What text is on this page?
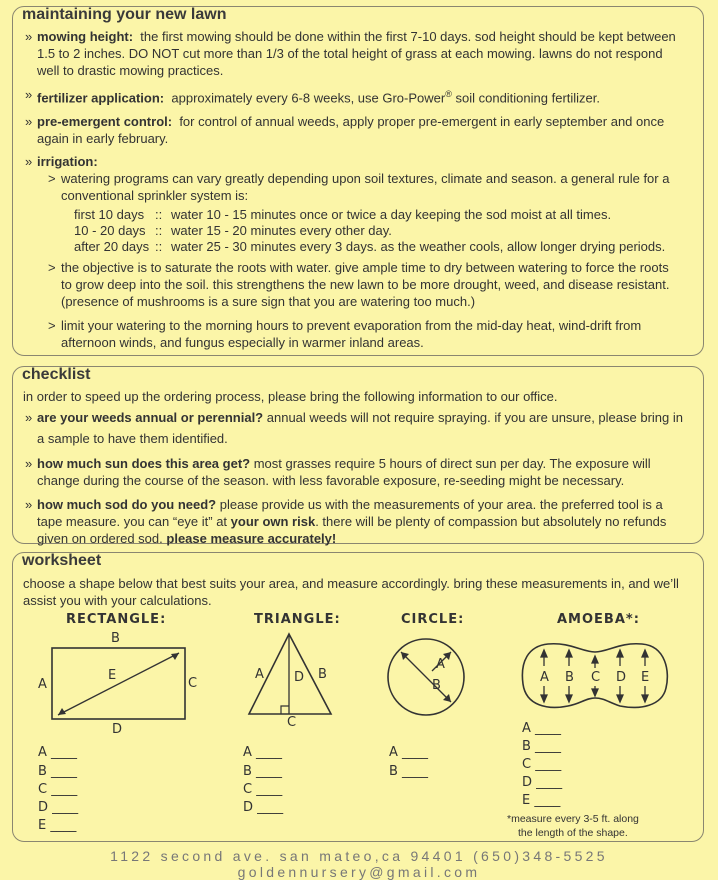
maintaining your new lawn
» mowing height: the first mowing should be done within the first 7-10 days. sod height should be kept between
1.5 to 2 inches. DO NOT cut more than 1/3 of the total height of grass at each mowing. lawns do not respond
well to drastic mowing practices.
» fertilizer application: approximately every 6-8 weeks, use Gro-Power® soil conditioning fertilizer.
» pre-emergent control: for control of annual weeds, apply proper pre-emergent in early september and once
again in early february.
» irrigation:
> watering programs can vary greatly depending upon soil textures, climate and season. a general rule for a
conventional sprinkler system is:
first 10 days :: water 10 - 15 minutes once or twice a day keeping the sod moist at all times.
10 - 20 days :: water 15 - 20 minutes every other day.
after 20 days :: water 25 - 30 minutes every 3 days. as the weather cools, allow longer drying periods.
> the objective is to saturate the roots with water. give ample time to dry between watering to force the roots
to grow deep into the soil. this strengthens the new lawn to be more drought, weed, and disease resistant.
(presence of mushrooms is a sure sign that you are watering too much.)
> limit your watering to the morning hours to prevent evaporation from the mid-day heat, wind-drift from
afternoon winds, and fungus especially in warmer inland areas.
checklist
in order to speed up the ordering process, please bring the following information to our office.
» are your weeds annual or perennial? annual weeds will not require spraying. if you are unsure, please bring in
a sample to have them identified.
» how much sun does this area get? most grasses require 5 hours of direct sun per day. The exposure will
change during the course of the season. with less favorable exposure, re-seeding might be necessary.
» how much sod do you need? please provide us with the measurements of your area. the preferred tool is a
tape measure. you can “eye it” at your own risk. there will be plenty of compassion but absolutely no refunds
given on ordered sod. please measure accurately!
worksheet
choose a shape below that best suits your area, and measure accordingly. bring these measurements in, and we’ll
assist you with your calculations.
RECTANGLE:
B
A
E
C
D
A ____
B ____
C ____
D ____
E ____
TRIANGLE:
A D B
C
A ____
B ____
C ____
D ____
CIRCLE:
A
B
A ____
B ____
AMOEBA*:
A B C D E
A ____
B ____
C ____
D ____
E ____
*measure every 3-5 ft. along
the length of the shape.
1122 second ave. san mateo,ca 94401 (650)348-5525 goldennursery@gmail.com
